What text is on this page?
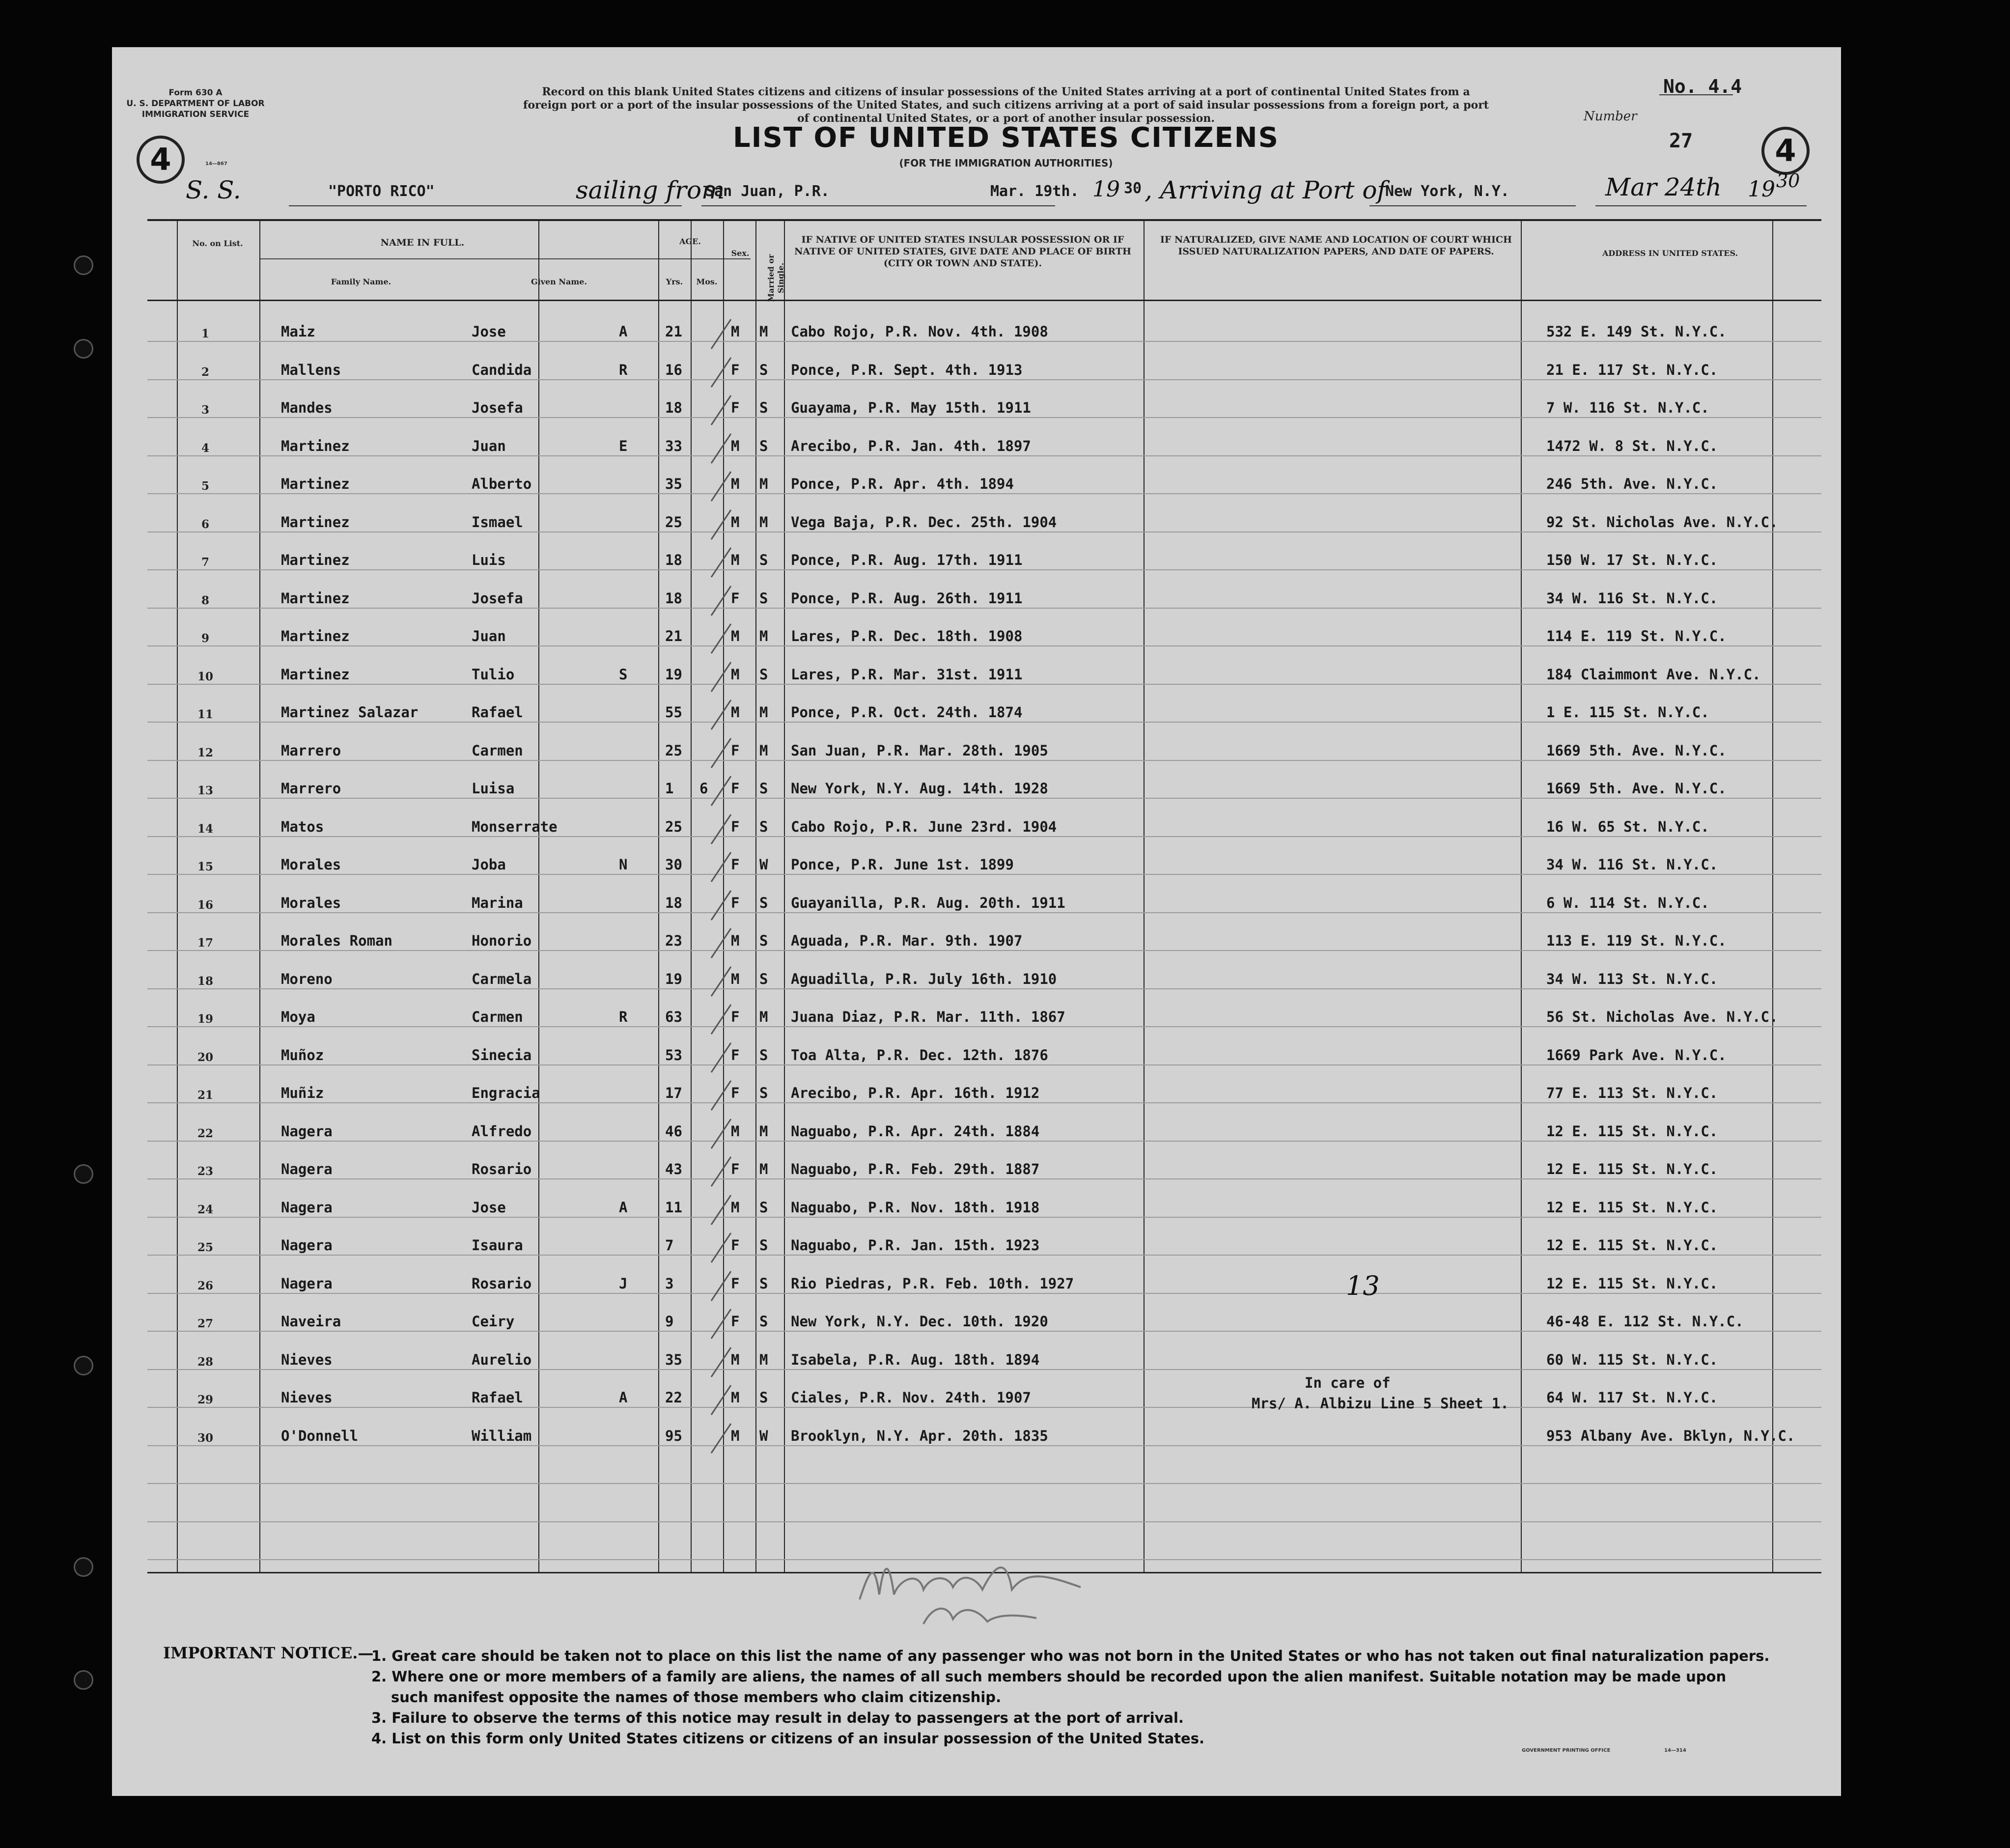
Form 630 A
U. S. DEPARTMENT OF LABOR
IMMIGRATION SERVICE
4	14—867
Record on this blank United States citizens and citizens of insular possessions of the United States arriving at a port of continental United States from a
foreign port or a port of the insular possessions of the United States, and such citizens arriving at a port of said insular possessions from a foreign port, a port
of continental United States, or a port of another insular possession.
LIST OF UNITED STATES CITIZENS
(FOR THE IMMIGRATION AUTHORITIES)
Number
No. 4.4
27	4
S. S.	"PORTO RICO"	sailing from
San Juan, P.R.	Mar. 19th. 19 30 , Arriving at Port of
New York, N.Y.	Mar 24th 19 30
No. on List.	NAME IN FULL.
Family Name.	Given Name.
AGE.
Yrs.	Mos.
Sex.
Married or Single.
IF NATIVE OF UNITED STATES INSULAR POSSESSION OR IF NATIVE OF UNITED STATES, GIVE DATE AND PLACE OF BIRTH (CITY OR TOWN AND STATE).
IF NATURALIZED, GIVE NAME AND LOCATION OF COURT WHICH ISSUED NATURALIZATION PAPERS, AND DATE OF PAPERS.	ADDRESS IN UNITED STATES.
1	Maiz	Jose	A	21	M M Cabo Rojo, P.R. Nov. 4th. 1908	532 E. 149 St. N.Y.C.
2	Mallens	Candida	R	16	F S Ponce, P.R. Sept. 4th. 1913	21 E. 117 St. N.Y.C.
3	Mandes	Josefa	18	F S Guayama, P.R. May 15th. 1911	7 W. 116 St. N.Y.C.
4	Martinez	Juan	E	33	M S Arecibo, P.R. Jan. 4th. 1897	1472 W. 8 St. N.Y.C.
5	Martinez	Alberto	35	M M Ponce, P.R. Apr. 4th. 1894	246 5th. Ave. N.Y.C.
6	Martinez	Ismael	25	M M Vega Baja, P.R. Dec. 25th. 1904	92 St. Nicholas Ave. N.Y.C.
7	Martinez	Luis	18	M S Ponce, P.R. Aug. 17th. 1911	150 W. 17 St. N.Y.C.
8	Martinez	Josefa	18	F S Ponce, P.R. Aug. 26th. 1911	34 W. 116 St. N.Y.C.
9	Martinez	Juan	21	M M Lares, P.R. Dec. 18th. 1908	114 E. 119 St. N.Y.C.
10	Martinez	Tulio	S	19	M S Lares, P.R. Mar. 31st. 1911	184 Claimmont Ave. N.Y.C.
11	Martinez Salazar	Rafael	55	M M Ponce, P.R. Oct. 24th. 1874	1 E. 115 St. N.Y.C.
12	Marrero	Carmen	25	F M San Juan, P.R. Mar. 28th. 1905	1669 5th. Ave. N.Y.C.
13	Marrero	Luisa	1 6 F S New York, N.Y. Aug. 14th. 1928	1669 5th. Ave. N.Y.C.
14	Matos	Monserrate	25	F S Cabo Rojo, P.R. June 23rd. 1904	16 W. 65 St. N.Y.C.
15	Morales	Joba	N	30	F W Ponce, P.R. June 1st. 1899	34 W. 116 St. N.Y.C.
16	Morales	Marina	18	F S Guayanilla, P.R. Aug. 20th. 1911	6 W. 114 St. N.Y.C.
17	Morales Roman	Honorio	23	M S Aguada, P.R. Mar. 9th. 1907	113 E. 119 St. N.Y.C.
18	Moreno	Carmela	19	M S Aguadilla, P.R. July 16th. 1910	34 W. 113 St. N.Y.C.
19	Moya	Carmen	R	63	F M Juana Diaz, P.R. Mar. 11th. 1867	56 St. Nicholas Ave. N.Y.C.
20	Muñoz	Sinecia	53	F S Toa Alta, P.R. Dec. 12th. 1876	1669 Park Ave. N.Y.C.
21	Muñiz	Engracia	17	F S Arecibo, P.R. Apr. 16th. 1912	77 E. 113 St. N.Y.C.
22	Nagera	Alfredo	46	M M Naguabo, P.R. Apr. 24th. 1884	12 E. 115 St. N.Y.C.
23	Nagera	Rosario	43	F M Naguabo, P.R. Feb. 29th. 1887	12 E. 115 St. N.Y.C.
24	Nagera	Jose	A	11	M S Naguabo, P.R. Nov. 18th. 1918	12 E. 115 St. N.Y.C.
25	Nagera	Isaura	7	F S Naguabo, P.R. Jan. 15th. 1923	12 E. 115 St. N.Y.C.
26	Nagera	Rosario	J	3	F S Rio Piedras, P.R. Feb. 10th. 1927	12 E. 115 St. N.Y.C.
27	Naveira	Ceiry	9	F S New York, N.Y. Dec. 10th. 1920	46-48 E. 112 St. N.Y.C.
28	Nieves	Aurelio	35	M M Isabela, P.R. Aug. 18th. 1894	60 W. 115 St. N.Y.C.
29	Nieves	Rafael	A	22	M S Ciales, P.R. Nov. 24th. 1907	64 W. 117 St. N.Y.C.
30	O'Donnell	William	95	M W Brooklyn, N.Y. Apr. 20th. 1835	953 Albany Ave. Bklyn, N.Y.C.
13
In care of
Mrs/ A. Albizu Line 5 Sheet 1.
IMPORTANT NOTICE.—
1. Great care should be taken not to place on this list the name of any passenger who was not born in the United States or who has not taken out final naturalization papers.
2. Where one or more members of a family are aliens, the names of all such members should be recorded upon the alien manifest. Suitable notation may be made upon
such manifest opposite the names of those members who claim citizenship.
3. Failure to observe the terms of this notice may result in delay to passengers at the port of arrival.
4. List on this form only United States citizens or citizens of an insular possession of the United States.
GOVERNMENT PRINTING OFFICE	14—314
